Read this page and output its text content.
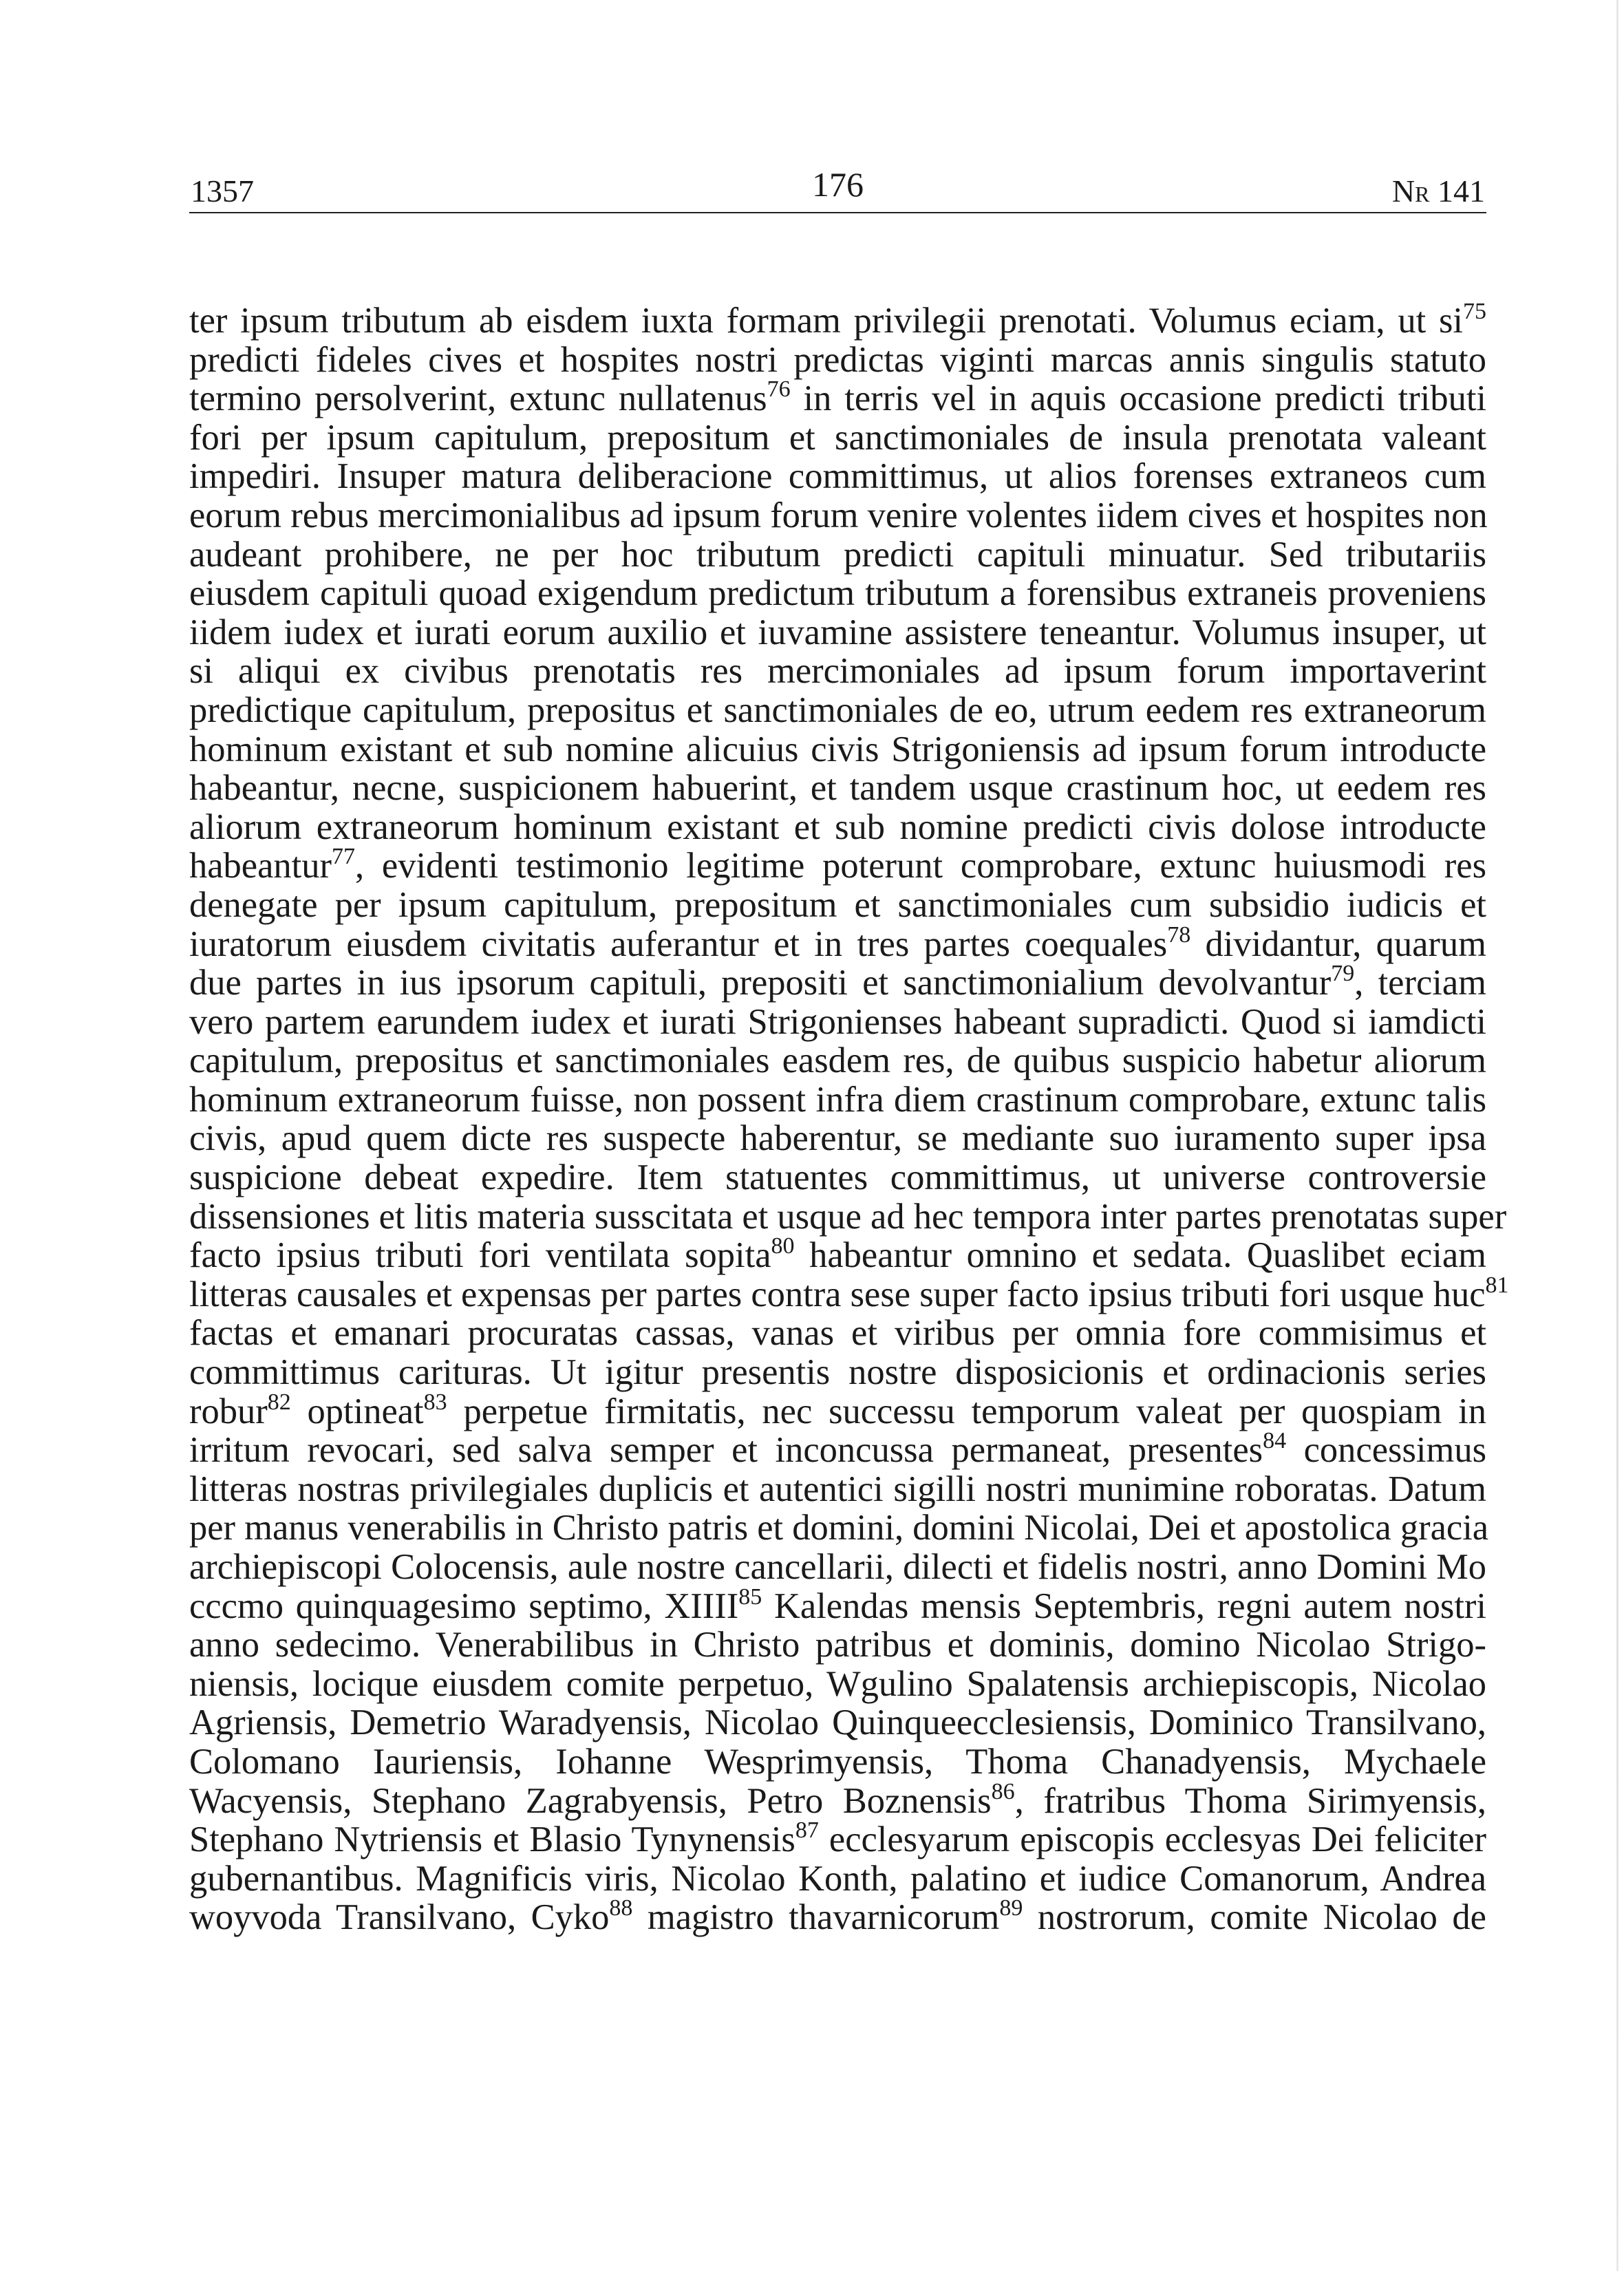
1357	176	Nr 141
ter ipsum tributum ab eisdem iuxta formam privilegii prenotati. Volumus eciam, ut $si^{75}$
predicti fideles cives et hospites nostri predictas viginti marcas annis singulis statuto
termino persolverint, extunc nullatenus$^{76}$ in terris vel in aquis occasione predicti tributi
fori per ipsum capitulum, prepositum et sanctimoniales de insula prenotata valeant
impediri. Insuper matura deliberacione committimus, ut alios forenses extraneos cum
eorum rebus mercimonialibus ad ipsum forum venire volentes iidem cives et hospites non
audeant prohibere, ne per hoc tributum predicti capituli minuatur. Sed tributariis
eiusdem capituli quoad exigendum predictum tributum a forensibus extraneis proveniens
iidem iudex et iurati eorum auxilio et iuvamine assistere teneantur. Volumus insuper, ut
si aliqui ex civibus prenotatis res mercimoniales ad ipsum forum importaverint
predictique capitulum, prepositus et sanctimoniales de eo, utrum eedem res extraneorum
hominum existant et sub nomine alicuius civis Strigoniensis ad ipsum forum introducte
habeantur, necne, suspicionem habuerint, et tandem usque crastinum hoc, ut eedem res
aliorum extraneorum hominum existant et sub nomine predicti civis dolose introducte
habeantur$^{77}$, evidenti testimonio legitime poterunt comprobare, extunc huiusmodi res
denegate per ipsum capitulum, prepositum et sanctimoniales cum subsidio iudicis et
iuratorum eiusdem civitatis auferantur et in tres partes coequales$^{78}$ dividantur, quarum
due partes in ius ipsorum capituli, prepositi et sanctimonialium devolvantur$^{79}$, terciam
vero partem earundem iudex et iurati Strigonienses habeant supradicti. Quod si iamdicti
capitulum, prepositus et sanctimoniales easdem res, de quibus suspicio habetur aliorum
hominum extraneorum fuisse, non possent infra diem crastinum comprobare, extunc talis
civis, apud quem dicte res suspecte haberentur, se mediante suo iuramento super ipsa
suspicione debeat expedire. Item statuentes committimus, ut universe controversie
dissensiones et litis materia susscitata et usque ad hec tempora inter partes prenotatas super
facto ipsius tributi fori ventilata sopita$^{80}$ habeantur omnino et sedata. Quaslibet eciam
litteras causales et expensas per partes contra sese super facto ipsius tributi fori usque huc$^{81}$
factas et emanari procuratas cassas, vanas et viribus per omnia fore commisimus et
committimus carituras. Ut igitur presentis nostre disposicionis et ordinacionis series
robur$^{82}$ optineat$^{83}$ perpetue firmitatis, nec successu temporum valeat per quospiam in
irritum revocari, sed salva semper et inconcussa permaneat, presentes$^{84}$ concessimus
litteras nostras privilegiales duplicis et autentici sigilli nostri munimine roboratas. Datum
per manus venerabilis in Christo patris et domini, domini Nicolai, Dei et apostolica gracia
archiepiscopi Colocensis, aule nostre cancellarii, dilecti et fidelis nostri, anno Domini Mo
cccmo quinquagesimo septimo, XIIII$^{85}$ Kalendas mensis Septembris, regni autem nostri
anno sedecimo. Venerabilibus in Christo patribus et dominis, domino Nicolao Strigo-
niensis, locique eiusdem comite perpetuo, Wgulino Spalatensis archiepiscopis, Nicolao
Agriensis, Demetrio Waradyensis, Nicolao Quinqueecclesiensis, Dominico Transilvano,
Colomano Iauriensis, Iohanne Wesprimyensis, Thoma Chanadyensis, Mychaele
Wacyensis, Stephano Zagrabyensis, Petro Boznensis$^{86}$, fratribus Thoma Sirimyensis,
Stephano Nytriensis et Blasio Tynynensis$^{87}$ ecclesyarum episcopis ecclesyas Dei feliciter
gubernantibus. Magnificis viris, Nicolao Konth, palatino et iudice Comanorum, Andrea
woyvoda Transilvano, Cyko$^{88}$ magistro thavarnicorum$^{89}$ nostrorum, comite Nicolao de
